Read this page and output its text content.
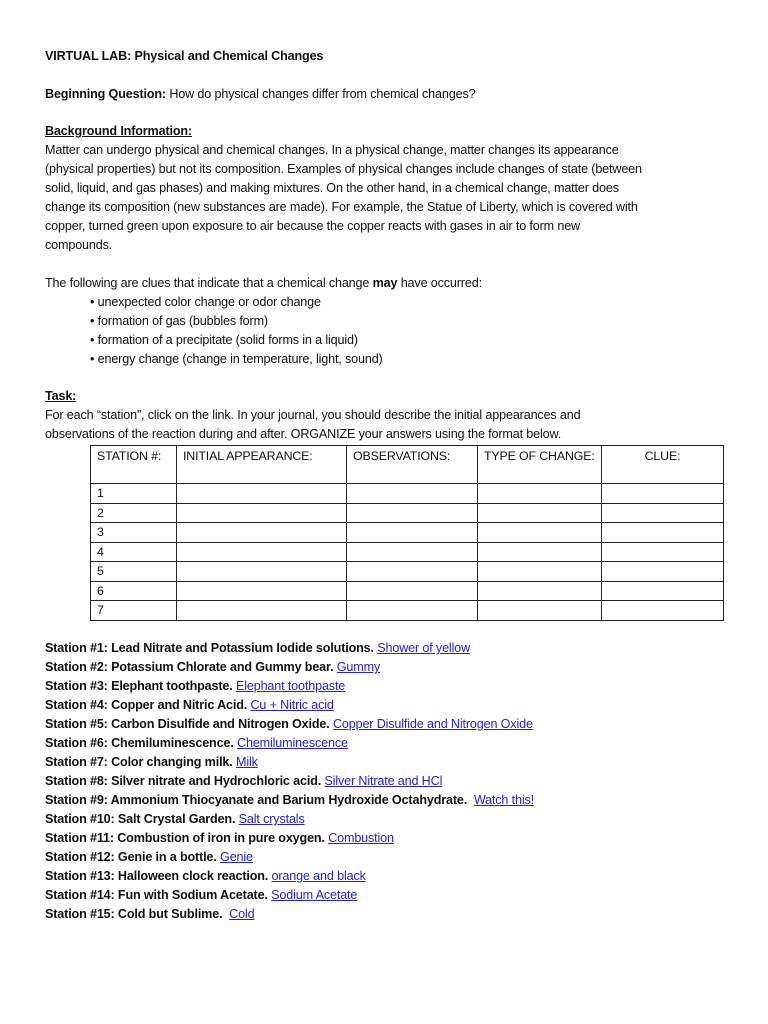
VIRTUAL LAB: Physical and Chemical Changes
Beginning Question: How do physical changes differ from chemical changes?
Background Information:
Matter can undergo physical and chemical changes. In a physical change, matter changes its appearance
(physical properties) but not its composition. Examples of physical changes include changes of state (between
solid, liquid, and gas phases) and making mixtures. On the other hand, in a chemical change, matter does
change its composition (new substances are made). For example, the Statue of Liberty, which is covered with
copper, turned green upon exposure to air because the copper reacts with gases in air to form new
compounds.
The following are clues that indicate that a chemical change may have occurred:
• unexpected color change or odor change
• formation of gas (bubbles form)
• formation of a precipitate (solid forms in a liquid)
• energy change (change in temperature, light, sound)
Task:
For each “station”, click on the link. In your journal, you should describe the initial appearances and
observations of the reaction during and after. ORGANIZE your answers using the format below.
STATION #:	INITIAL APPEARANCE:	OBSERVATIONS:	TYPE OF CHANGE:	CLUE:
1				
2				
3				
4				
5				
6				
7				
Station #1: Lead Nitrate and Potassium Iodide solutions. Shower of yellow
Station #2: Potassium Chlorate and Gummy bear. Gummy
Station #3: Elephant toothpaste. Elephant toothpaste
Station #4: Copper and Nitric Acid. Cu + Nitric acid
Station #5: Carbon Disulfide and Nitrogen Oxide. Copper Disulfide and Nitrogen Oxide
Station #6: Chemiluminescence. Chemiluminescence
Station #7: Color changing milk. Milk
Station #8: Silver nitrate and Hydrochloric acid. Silver Nitrate and HCl
Station #9: Ammonium Thiocyanate and Barium Hydroxide Octahydrate.  Watch this!
Station #10: Salt Crystal Garden. Salt crystals
Station #11: Combustion of iron in pure oxygen. Combustion
Station #12: Genie in a bottle. Genie
Station #13: Halloween clock reaction. orange and black
Station #14: Fun with Sodium Acetate. Sodium Acetate
Station #15: Cold but Sublime.  Cold
